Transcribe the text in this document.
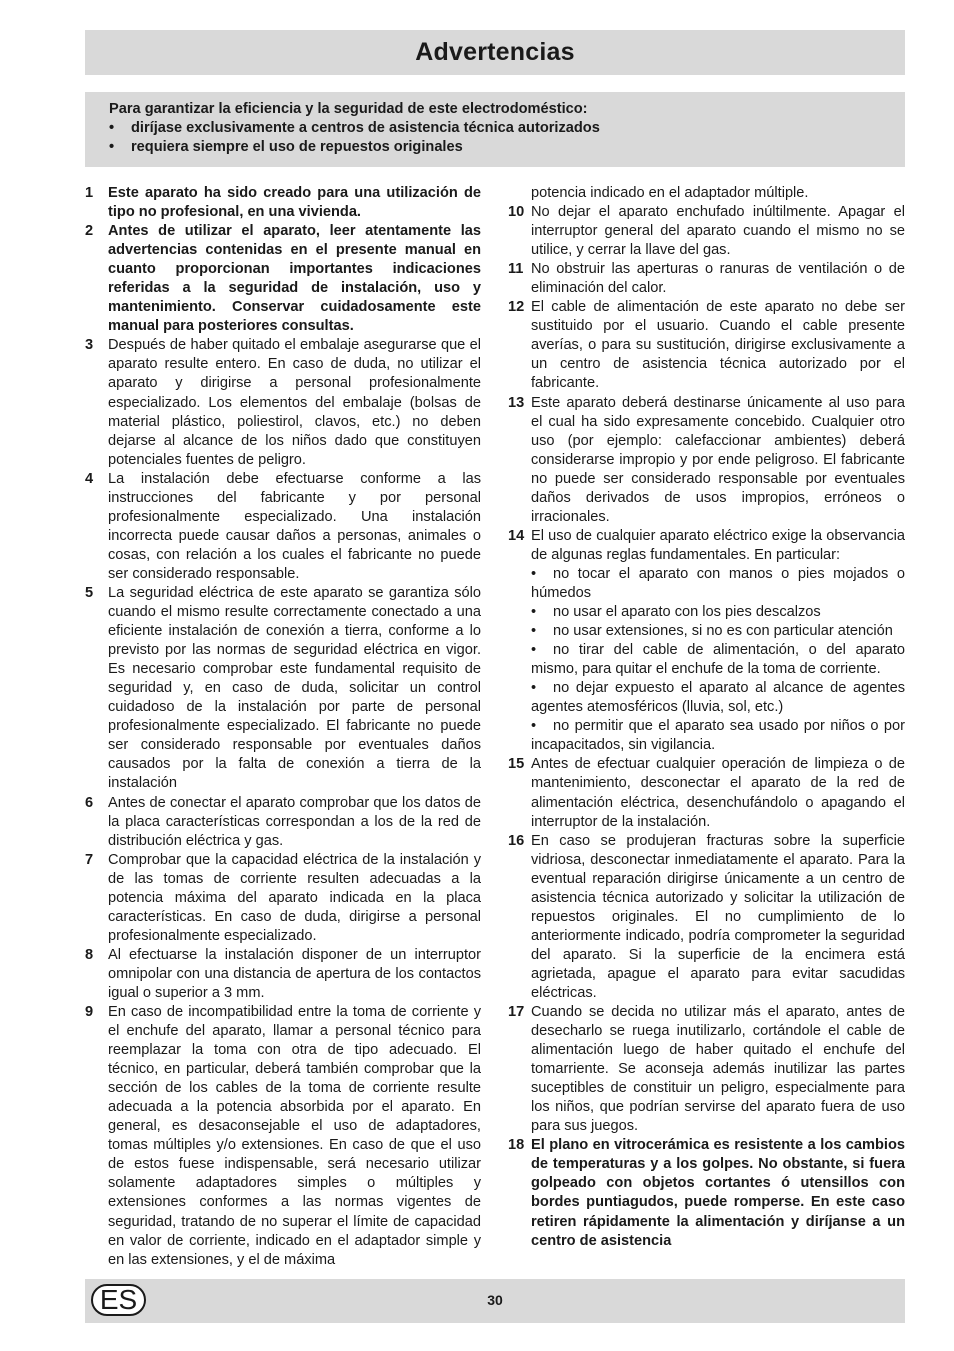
Advertencias
Para garantizar la eficiencia y la seguridad de este electrodoméstico:
•	diríjase exclusivamente a centros de asistencia técnica autorizados
•	requiera siempre el uso de repuestos originales
1	Este aparato ha sido creado para una utilización de tipo no profesional, en una vivienda.
2	Antes de utilizar el aparato, leer atentamente las advertencias contenidas en el presente manual en cuanto proporcionan importantes indicaciones referidas a la seguridad de instalación, uso y mantenimiento. Conservar cuidadosamente este manual para posteriores consultas.
3	Después de haber quitado el embalaje asegurarse que el aparato resulte entero. En caso de duda, no utilizar el aparato y dirigirse a personal profesionalmente especializado. Los elementos del embalaje (bolsas de material plástico, poliestirol, clavos, etc.) no deben dejarse al alcance de los niños dado que constituyen potenciales fuentes de peligro.
4	La instalación debe efectuarse conforme a las instrucciones del fabricante y por personal profesionalmente especializado. Una instalación incorrecta puede causar daños a personas, animales o cosas, con relación a los cuales el fabricante no puede ser considerado responsable.
5	La seguridad eléctrica de este aparato se garantiza sólo cuando el mismo resulte correctamente conectado a una eficiente instalación de conexión a tierra, conforme a lo previsto por las normas de seguridad eléctrica en vigor. Es necesario comprobar este fundamental requisito de seguridad y, en caso de duda, solicitar un control cuidadoso de la instalación por parte de personal profesionalmente especializado. El fabricante no puede ser considerado responsable por eventuales daños causados por la falta de conexión a tierra de la instalación
6	Antes de conectar el aparato comprobar que los datos de la placa características correspondan a los de la red de distribución eléctrica y gas.
7	Comprobar que la capacidad eléctrica de la instalación y de las tomas de corriente resulten adecuadas a la potencia máxima del aparato indicada en la placa características. En caso de duda, dirigirse a personal profesionalmente especializado.
8	Al efectuarse la instalación disponer de un interruptor omnipolar con una distancia de apertura de los contactos igual o superior a 3 mm.
9	En caso de incompatibilidad entre la toma de corriente y el enchufe del aparato, llamar a personal técnico para reemplazar la toma con otra de tipo adecuado. El técnico, en particular, deberá también comprobar que la sección de los cables de la toma de corriente resulte adecuada a la potencia absorbida por el aparato. En general, es desaconsejable el uso de adaptadores, tomas múltiples y/o extensiones. En caso de que el uso de estos fuese indispensable, será necesario utilizar solamente adaptadores simples o múltiples y extensiones conformes a las normas vigentes de seguridad, tratando de no superar el límite de capacidad en valor de corriente, indicado en el adaptador simple y en las extensiones, y el de máxima
potencia indicado en el adaptador múltiple.
10 No dejar el aparato enchufado inúltilmente. Apagar el interruptor general del aparato cuando el mismo no se utilice, y cerrar la llave del gas.
11 No obstruir las aperturas o ranuras de ventilación o de eliminación del calor.
12 El cable de alimentación de este aparato no debe ser sustituido por el usuario. Cuando el cable presente averías, o para su sustitución, dirigirse exclusivamente a un centro de asistencia técnica autorizado por el fabricante.
13 Este aparato deberá destinarse únicamente al uso para el cual ha sido expresamente concebido. Cualquier otro uso (por ejemplo: calefaccionar ambientes) deberá considerarse impropio y por ende peligroso. El fabricante no puede ser considerado responsable por eventuales daños derivados de usos impropios, erróneos o irracionales.
14 El uso de cualquier aparato eléctrico exige la observancia de algunas reglas fundamentales. En particular:
• no tocar el aparato con manos o pies mojados o húmedos
• no usar el aparato con los pies descalzos
• no usar extensiones, si no es con particular atención
• no tirar del cable de alimentación, o del aparato mismo, para quitar el enchufe de la toma de corriente.
• no dejar expuesto el aparato al alcance de agentes agentes atemosféricos (lluvia, sol, etc.)
• no permitir que el aparato sea usado por niños o por incapacitados, sin vigilancia.
15 Antes de efectuar cualquier operación de limpieza o de mantenimiento, desconectar el aparato de la red de alimentación eléctrica, desenchufándolo o apagando el interruptor de la instalación.
16 En caso se produjeran fracturas sobre la superficie vidriosa, desconectar inmediatamente el aparato. Para la eventual reparación dirigirse únicamente a un centro de asistencia técnica autorizado y solicitar la utilización de repuestos originales. El no cumplimiento de lo anteriormente indicado, podría comprometer la seguridad del aparato. Si la superficie de la encimera está agrietada, apague el aparato para evitar sacudidas eléctricas.
17 Cuando se decida no utilizar más el aparato, antes de desecharlo se ruega inutilizarlo, cortándole el cable de alimentación luego de haber quitado el enchufe del tomarriente. Se aconseja además inutilizar las partes suceptibles de constituir un peligro, especialmente para los niños, que podrían servirse del aparato fuera de uso para sus juegos.
18 El plano en vitrocerámica es resistente a los cambios de temperaturas y a los golpes. No obstante, si fuera golpeado con objetos cortantes ó utensillos con bordes puntiagudos, puede romperse. En este caso retiren rápidamente la alimentación y diríjanse a un centro de asistencia
ES	30
